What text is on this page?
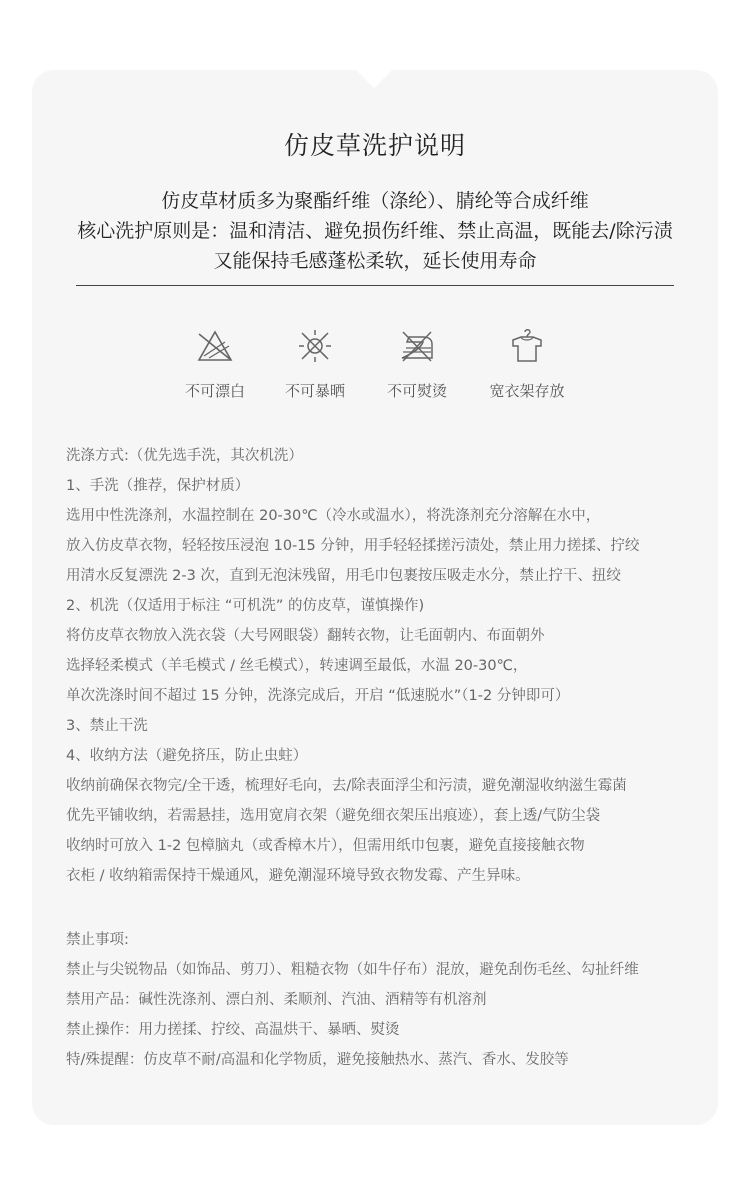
仿皮草洗护说明
仿皮草材质多为聚酯纤维（涤纶）、腈纶等合成纤维
核心洗护原则是：温和清洁、避免损伤纤维、禁止高温，既能去/除污渍
又能保持毛感蓬松柔软，延长使用寿命
不可漂白	不可暴晒	不可熨烫	宽衣架存放
洗涤方式:（优先选手洗，其次机洗）
1、手洗（推荐，保护材质）
选用中性洗涤剂，水温控制在 20-30℃（冷水或温水），将洗涤剂充分溶解在水中，
放入仿皮草衣物，轻轻按压浸泡 10-15 分钟，用手轻轻揉搓污渍处，禁止用力搓揉、拧绞
用清水反复漂洗 2-3 次，直到无泡沫残留，用毛巾包裹按压吸走水分，禁止拧干、扭绞
2、机洗（仅适用于标注 “可机洗” 的仿皮草，谨慎操作)
将仿皮草衣物放入洗衣袋（大号网眼袋）翻转衣物，让毛面朝内、布面朝外
选择轻柔模式（羊毛模式 / 丝毛模式），转速调至最低，水温 20-30℃，
单次洗涤时间不超过 15 分钟，洗涤完成后，开启 “低速脱水”（1-2 分钟即可）
3、禁止干洗
4、收纳方法（避免挤压，防止虫蛀）
收纳前确保衣物完/全干透，梳理好毛向，去/除表面浮尘和污渍，避免潮湿收纳滋生霉菌
优先平铺收纳，若需悬挂，选用宽肩衣架（避免细衣架压出痕迹），套上透/气防尘袋
收纳时可放入 1-2 包樟脑丸（或香樟木片），但需用纸巾包裹，避免直接接触衣物
衣柜 / 收纳箱需保持干燥通风，避免潮湿环境导致衣物发霉、产生异味。
禁止事项:
禁止与尖锐物品（如饰品、剪刀）、粗糙衣物（如牛仔布）混放，避免刮伤毛丝、勾扯纤维
禁用产品：碱性洗涤剂、漂白剂、柔顺剂、汽油、酒精等有机溶剂
禁止操作：用力搓揉、拧绞、高温烘干、暴晒、熨烫
特/殊提醒：仿皮草不耐/高温和化学物质，避免接触热水、蒸汽、香水、发胶等
